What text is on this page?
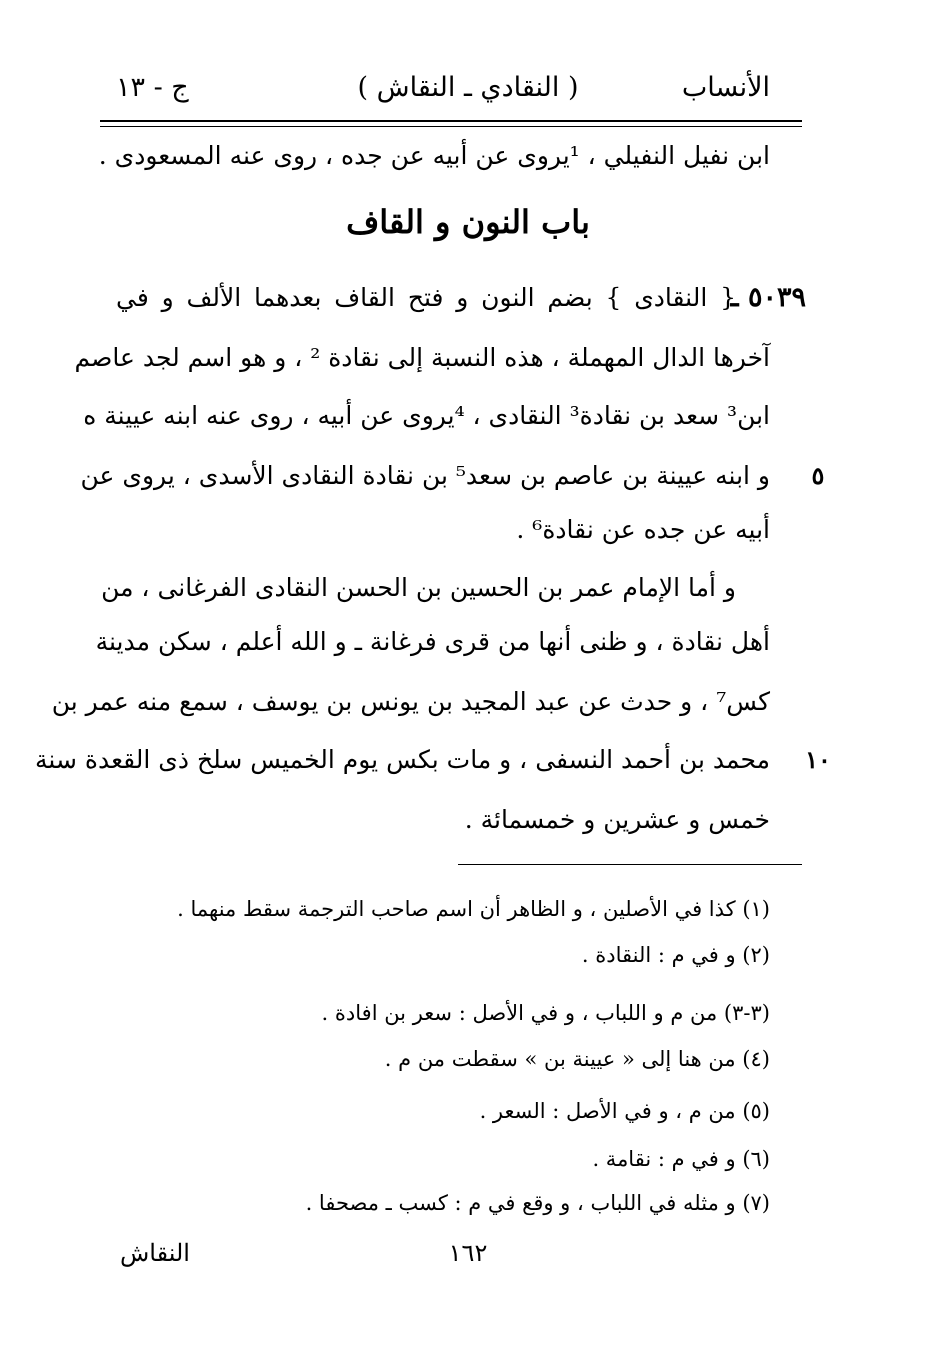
الأنساب
( النقادي ـ النقاش )
ج - ١٣
ابن نفيل النفيلي ، ¹يروى عن أبيه عن جده ، روى عنه المسعودى .
باب النون و القاف
٥٠٣٩ ـ
{ النقادى } بضم النون و فتح القاف بعدهما الألف و في
آخرها الدال المهملة ، هذه النسبة إلى نقادة ² ، و هو اسم لجد عاصم
ابن³ سعد بن نقادة³ النقادى ، ⁴يروى عن أبيه ، روى عنه ابنه عيينة ه
و ابنه عيينة بن عاصم بن سعد⁵ بن نقادة النقادى الأسدى ، يروى عن
أبيه عن جده عن نقادة⁶ .
و أما الإمام عمر بن الحسين بن الحسن النقادى الفرغانى ، من
أهل نقادة ، و ظنى أنها من قرى فرغانة ـ و الله أعلم ، سكن مدينة
كس⁷ ، و حدث عن عبد المجيد بن يونس بن يوسف ، سمع منه عمر بن
محمد بن أحمد النسفى ، و مات بكس يوم الخميس سلخ ذى القعدة سنة
خمس و عشرين و خمسمائة .
٥
١٠
(١) كذا في الأصلين ، و الظاهر أن اسم صاحب الترجمة سقط منهما .
(٢) و في م : النقادة .
(٣-٣) من م و اللباب ، و في الأصل : سعر بن افادة .
(٤) من هنا إلى « عيينة بن » سقطت من م .
(٥) من م ، و في الأصل : السعر .
(٦) و في م : نقامة .
(٧) و مثله في اللباب ، و وقع في م : كسب ـ مصحفا .
النقاش	١٦٢
